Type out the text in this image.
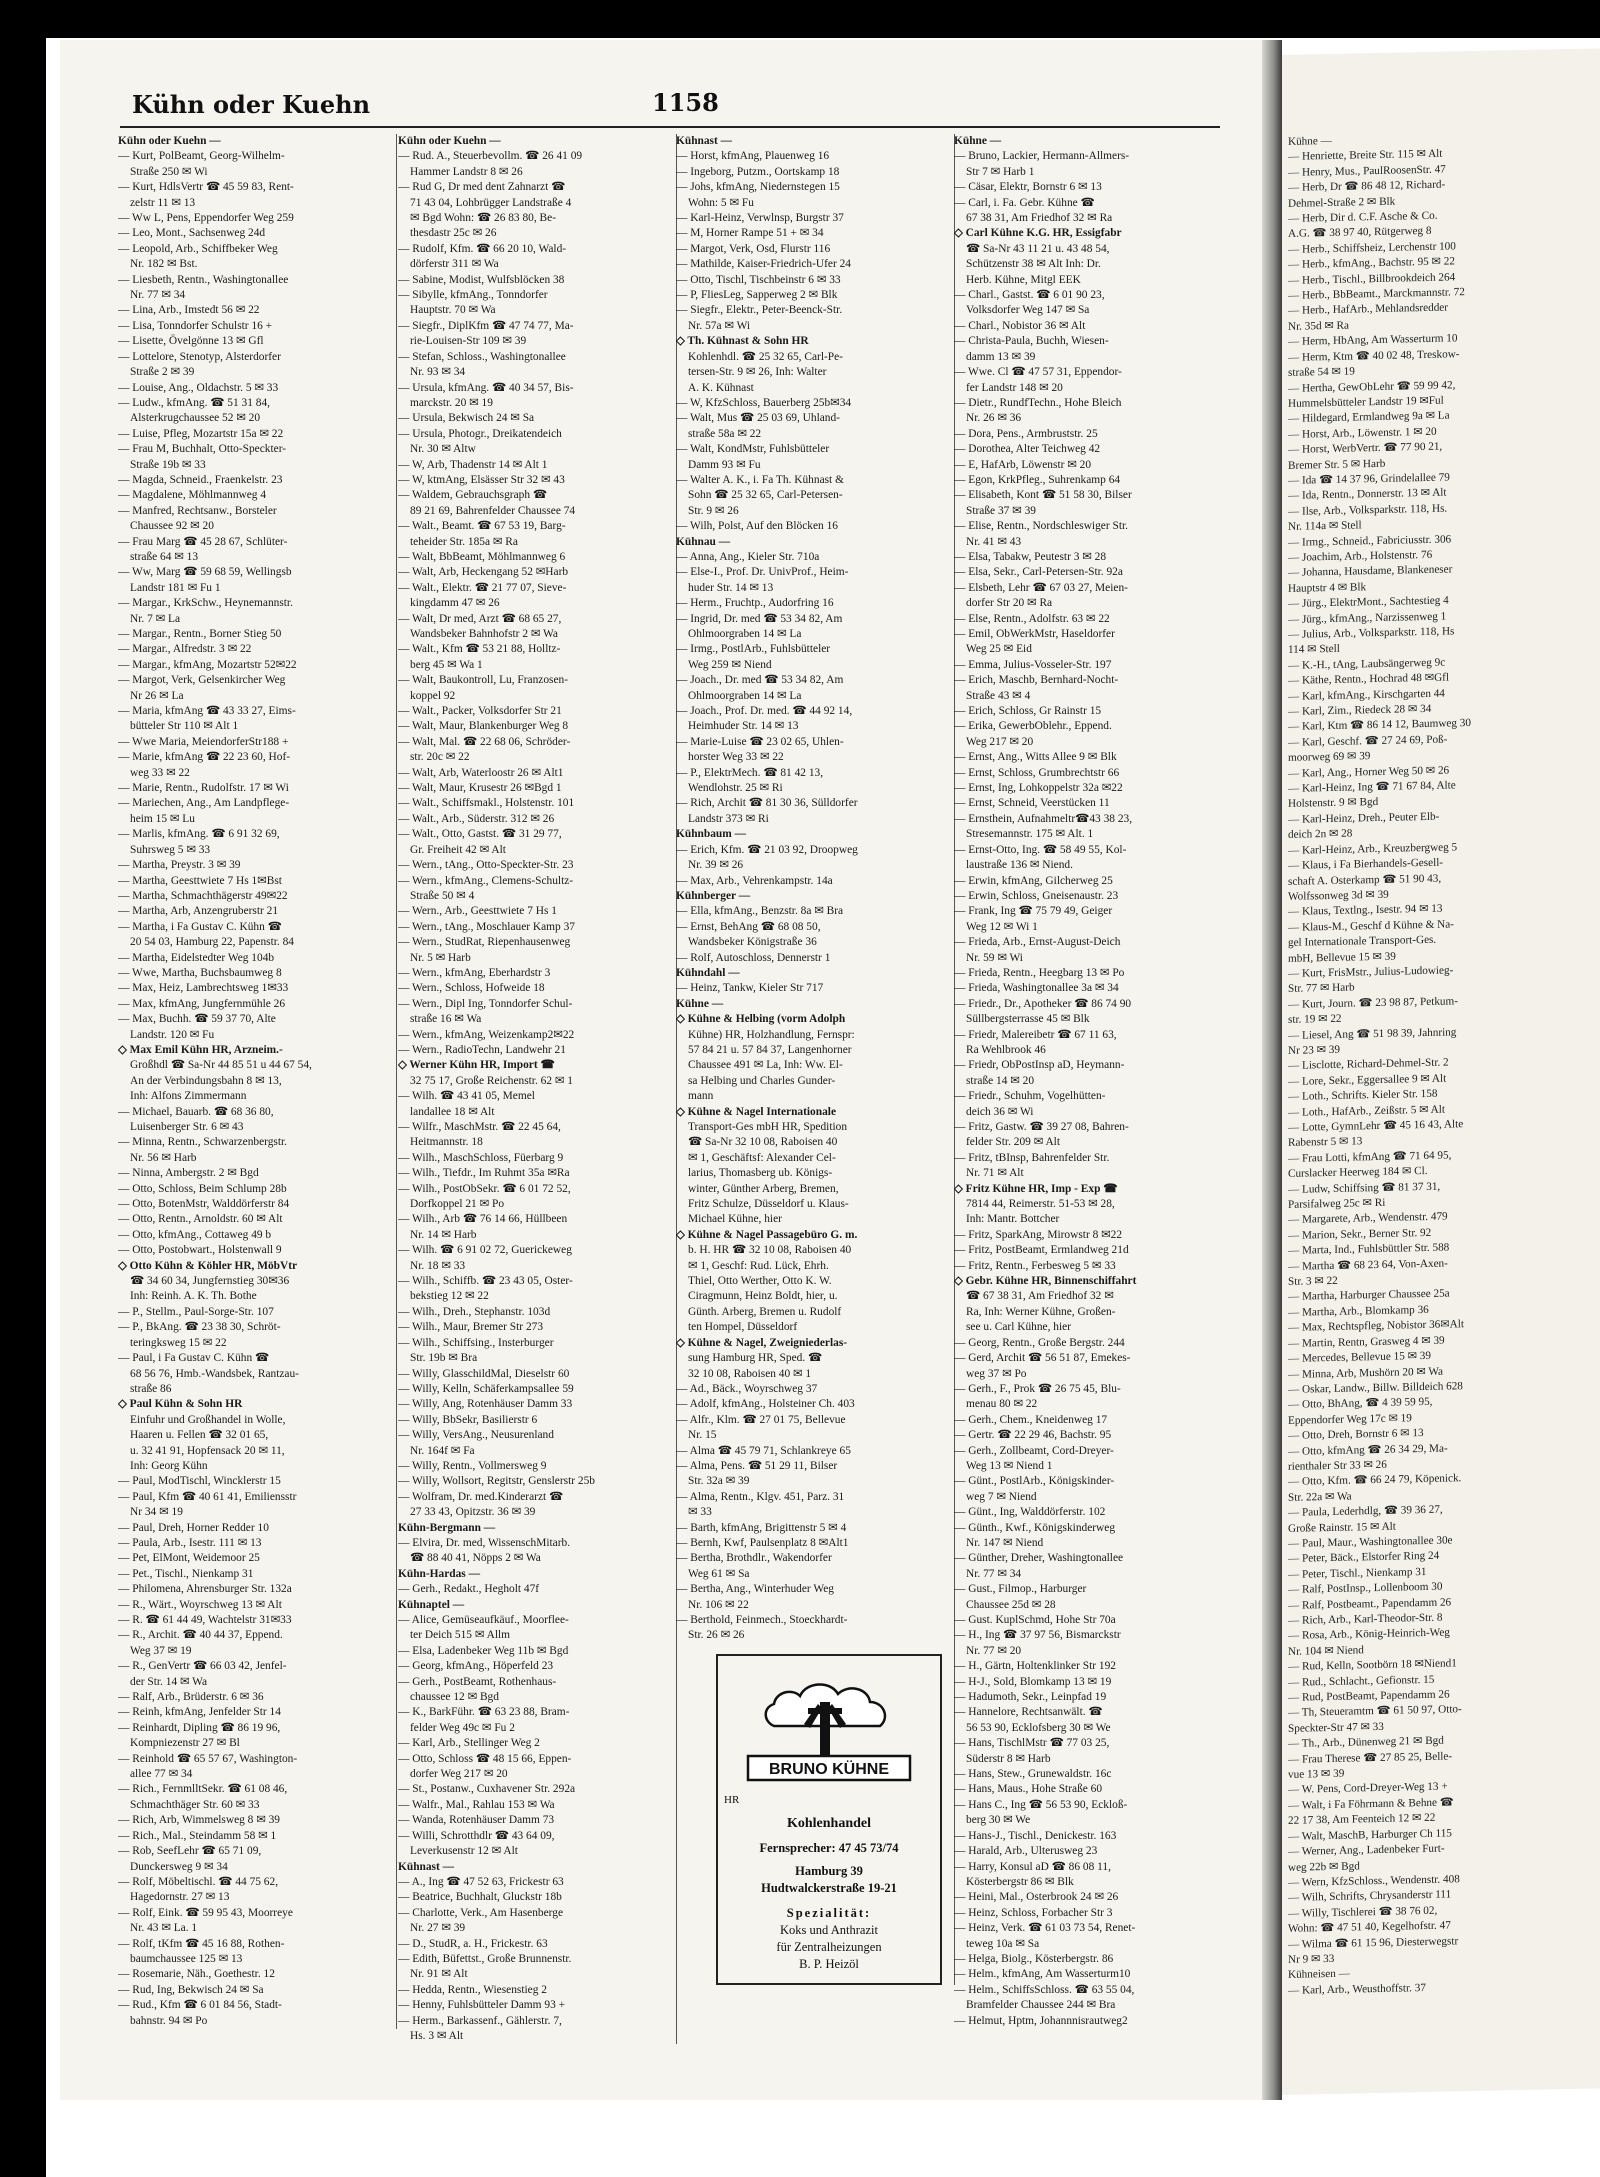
Kühne —

— Henriette, Breite Str. 115 ✉ Alt

— Henry, Mus., PaulRoosenStr. 47

— Herb, Dr ☎ 86 48 12, Richard-

Dehmel-Straße 2 ✉ Blk

— Herb, Dir d. C.F. Asche & Co.

A.G. ☎ 38 97 40, Rütgerweg 8

— Herb., Schiffsheiz, Lerchenstr 100

— Herb., kfmAng., Bachstr. 95 ✉ 22

— Herb., Tischl., Billbrookdeich 264

— Herb., BbBeamt., Marckmannstr. 72

— Herb., HafArb., Mehlandsredder

Nr. 35d ✉ Ra

— Herm, HbAng, Am Wasserturm 10

— Herm, Ktm ☎ 40 02 48, Treskow-

straße 54 ✉ 19

— Hertha, GewObLehr ☎ 59 99 42,

Hummelsbütteler Landstr 19 ✉Ful

— Hildegard, Ermlandweg 9a ✉ La

— Horst, Arb., Löwenstr. 1 ✉ 20

— Horst, WerbVertr. ☎ 77 90 21,

Bremer Str. 5 ✉ Harb

— Ida ☎ 14 37 96, Grindelallee 79

— Ida, Rentn., Donnerstr. 13 ✉ Alt

— Ilse, Arb., Volksparkstr. 118, Hs.

Nr. 114a ✉ Stell

— Irmg., Schneid., Fabriciusstr. 306

— Joachim, Arb., Holstenstr. 76

— Johanna, Hausdame, Blankeneser

Hauptstr 4 ✉ Blk

— Jürg., ElektrMont., Sachtestieg 4

— Jürg., kfmAng., Narzissenweg 1

— Julius, Arb., Volksparkstr. 118, Hs

114 ✉ Stell

— K.-H., tAng, Laubsängerweg 9c

— Käthe, Rentn., Hochrad 48 ✉Gfl

— Karl, kfmAng., Kirschgarten 44

— Karl, Zim., Riedeck 28 ✉ 34

— Karl, Ktm ☎ 86 14 12, Baumweg 30

— Karl, Geschf. ☎ 27 24 69, Poß-

moorweg 69 ✉ 39

— Karl, Ang., Horner Weg 50 ✉ 26

— Karl-Heinz, Ing ☎ 71 67 84, Alte

Holstenstr. 9 ✉ Bgd

— Karl-Heinz, Dreh., Peuter Elb-

deich 2n ✉ 28

— Karl-Heinz, Arb., Kreuzbergweg 5

— Klaus, i Fa Bierhandels-Gesell-

schaft A. Osterkamp ☎ 51 90 43,

Wolfssonweg 3d ✉ 39

— Klaus, Textlng., Isestr. 94 ✉ 13

— Klaus-M., Geschf d Kühne & Na-

gel Internationale Transport-Ges.

mbH, Bellevue 15 ✉ 39

— Kurt, FrisMstr., Julius-Ludowieg-

Str. 77 ✉ Harb

— Kurt, Journ. ☎ 23 98 87, Petkum-

str. 19 ✉ 22

— Liesel, Ang ☎ 51 98 39, Jahnring

Nr 23 ✉ 39

— Lisclotte, Richard-Dehmel-Str. 2

— Lore, Sekr., Eggersallee 9 ✉ Alt

— Loth., Schrifts. Kieler Str. 158

— Loth., HafArb., Zeißstr. 5 ✉ Alt

— Lotte, GymnLehr ☎ 45 16 43, Alte

Rabenstr 5 ✉ 13

— Frau Lotti, kfmAng ☎ 71 64 95,

Curslacker Heerweg 184 ✉ Cl.

— Ludw, Schiffsing ☎ 81 37 31,

Parsifalweg 25c ✉ Ri

— Margarete, Arb., Wendenstr. 479

— Marion, Sekr., Berner Str. 92

— Marta, Ind., Fuhlsbüttler Str. 588

— Martha ☎ 68 23 64, Von-Axen-

Str. 3 ✉ 22

— Martha, Harburger Chaussee 25a

— Martha, Arb., Blomkamp 36

— Max, Rechtspfleg, Nobistor 36✉Alt

— Martin, Rentn, Grasweg 4 ✉ 39

— Mercedes, Bellevue 15 ✉ 39

— Minna, Arb, Mushörn 20 ✉ Wa

— Oskar, Landw., Billw. Billdeich 628

— Otto, BhAng, ☎ 4 39 59 95,

Eppendorfer Weg 17c ✉ 19

— Otto, Dreh, Bornstr 6 ✉ 13

— Otto, kfmAng ☎ 26 34 29, Ma-

rienthaler Str 33 ✉ 26

— Otto, Kfm. ☎ 66 24 79, Köpenick.

Str. 22a ✉ Wa

— Paula, Lederhdlg, ☎ 39 36 27,

Große Rainstr. 15 ✉ Alt

— Paul, Maur., Washingtonallee 30e

— Peter, Bäck., Elstorfer Ring 24

— Peter, Tischl., Nienkamp 31

— Ralf, PostInsp., Lollenboom 30

— Ralf, Postbeamt., Papendamm 26

— Rich, Arb., Karl-Theodor-Str. 8

— Rosa, Arb., König-Heinrich-Weg

Nr. 104 ✉ Niend

— Rud, Kelln, Sootbörn 18 ✉Niend1

— Rud., Schlacht., Gefionstr. 15

— Rud, PostBeamt, Papendamm 26

— Th, Steueramtm ☎ 61 50 97, Otto-

Speckter-Str 47 ✉ 33

— Th., Arb., Dünenweg 21 ✉ Bgd

— Frau Therese ☎ 27 85 25, Belle-

vue 13 ✉ 39

— W. Pens, Cord-Dreyer-Weg 13 +

— Walt, i Fa Föhrmann & Behne ☎

22 17 38, Am Feenteich 12 ✉ 22

— Walt, MaschB, Harburger Ch 115

— Werner, Ang., Ladenbeker Furt-

weg 22b ✉ Bgd

— Wern, KfzSchloss., Wendenstr. 408

— Wilh, Schrifts, Chrysanderstr 111

— Willy, Tischlerei ☎ 38 76 02,

Wohn: ☎ 47 51 40, Kegelhofstr. 47

— Wilma ☎ 61 15 96, Diesterwegstr

Nr 9 ✉ 33

Kühneisen —

— Karl, Arb., Weusthoffstr. 37

Kühn oder Kuehn	1158

Kühn oder Kuehn —

— Kurt, PolBeamt, Georg-Wilhelm-

Straße 250 ✉ Wi

— Kurt, HdlsVertr ☎ 45 59 83, Rent-

zelstr 11 ✉ 13

— Ww L, Pens, Eppendorfer Weg 259

— Leo, Mont., Sachsenweg 24d

— Leopold, Arb., Schiffbeker Weg

Nr. 182 ✉ Bst.

— Liesbeth, Rentn., Washingtonallee

Nr. 77 ✉ 34

— Lina, Arb., Imstedt 56 ✉ 22

— Lisa, Tonndorfer Schulstr 16 +

— Lisette, Övelgönne 13 ✉ Gfl

— Lottelore, Stenotyp, Alsterdorfer

Straße 2 ✉ 39

— Louise, Ang., Oldachstr. 5 ✉ 33

— Ludw., kfmAng. ☎ 51 31 84,

Alsterkrugchaussee 52 ✉ 20

— Luise, Pfleg, Mozartstr 15a ✉ 22

— Frau M, Buchhalt, Otto-Speckter-

Straße 19b ✉ 33

— Magda, Schneid., Fraenkelstr. 23

— Magdalene, Möhlmannweg 4

— Manfred, Rechtsanw., Borsteler

Chaussee 92 ✉ 20

— Frau Marg ☎ 45 28 67, Schlüter-

straße 64 ✉ 13

— Ww, Marg ☎ 59 68 59, Wellingsb

Landstr 181 ✉ Fu 1

— Margar., KrkSchw., Heynemannstr.

Nr. 7 ✉ La

— Margar., Rentn., Borner Stieg 50

— Margar., Alfredstr. 3 ✉ 22

— Margar., kfmAng, Mozartstr 52✉22

— Margot, Verk, Gelsenkircher Weg

Nr 26 ✉ La

— Maria, kfmAng ☎ 43 33 27, Eims-

bütteler Str 110 ✉ Alt 1

— Wwe Maria, MeiendorferStr188 +

— Marie, kfmAng ☎ 22 23 60, Hof-

weg 33 ✉ 22

— Marie, Rentn., Rudolfstr. 17 ✉ Wi

— Mariechen, Ang., Am Landpflege-

heim 15 ✉ Lu

— Marlis, kfmAng. ☎ 6 91 32 69,

Suhrsweg 5 ✉ 33

— Martha, Preystr. 3 ✉ 39

— Martha, Geesttwiete 7 Hs 1✉Bst

— Martha, Schmachthägerstr 49✉22

— Martha, Arb, Anzengruberstr 21

— Martha, i Fa Gustav C. Kühn ☎

20 54 03, Hamburg 22, Papenstr. 84

— Martha, Eidelstedter Weg 104b

— Wwe, Martha, Buchsbaumweg 8

— Max, Heiz, Lambrechtsweg 1✉33

— Max, kfmAng, Jungfernmühle 26

— Max, Buchh. ☎ 59 37 70, Alte

Landstr. 120 ✉ Fu

◇ Max Emil Kühn HR, Arzneim.-

Großhdl ☎ Sa-Nr 44 85 51 u 44 67 54,

An der Verbindungsbahn 8 ✉ 13,

Inh: Alfons Zimmermann

— Michael, Bauarb. ☎ 68 36 80,

Luisenberger Str. 6 ✉ 43

— Minna, Rentn., Schwarzenbergstr.

Nr. 56 ✉ Harb

— Ninna, Ambergstr. 2 ✉ Bgd

— Otto, Schloss, Beim Schlump 28b

— Otto, BotenMstr, Walddörferstr 84

— Otto, Rentn., Arnoldstr. 60 ✉ Alt

— Otto, kfmAng., Cottaweg 49 b

— Otto, Postobwart., Holstenwall 9

◇ Otto Kühn & Köhler HR, MöbVtr

☎ 34 60 34, Jungfernstieg 30✉36

Inh: Reinh. A. K. Th. Bothe

— P., Stellm., Paul-Sorge-Str. 107

— P., BkAng. ☎ 23 38 30, Schröt-

teringksweg 15 ✉ 22

— Paul, i Fa Gustav C. Kühn ☎

68 56 76, Hmb.-Wandsbek, Rantzau-

straße 86

◇ Paul Kühn & Sohn HR

Einfuhr und Großhandel in Wolle,

Haaren u. Fellen ☎ 32 01 65,

u. 32 41 91, Hopfensack 20 ✉ 11,

Inh: Georg Kühn

— Paul, ModTischl, Wincklerstr 15

— Paul, Kfm ☎ 40 61 41, Emiliensstr

Nr 34 ✉ 19

— Paul, Dreh, Horner Redder 10

— Paula, Arb., Isestr. 111 ✉ 13

— Pet, ElMont, Weidemoor 25

— Pet., Tischl., Nienkamp 31

— Philomena, Ahrensburger Str. 132a

— R., Wärt., Woyrschweg 13 ✉ Alt

— R. ☎ 61 44 49, Wachtelstr 31✉33

— R., Archit. ☎ 40 44 37, Eppend.

Weg 37 ✉ 19

— R., GenVertr ☎ 66 03 42, Jenfel-

der Str. 14 ✉ Wa

— Ralf, Arb., Brüderstr. 6 ✉ 36

— Reinh, kfmAng, Jenfelder Str 14

— Reinhardt, Dipling ☎ 86 19 96,

Kompniezenstr 27 ✉ Bl

— Reinhold ☎ 65 57 67, Washington-

allee 77 ✉ 34

— Rich., FernmlltSekr. ☎ 61 08 46,

Schmachthäger Str. 60 ✉ 33

— Rich, Arb, Wimmelsweg 8 ✉ 39

— Rich., Mal., Steindamm 58 ✉ 1

— Rob, SeefLehr ☎ 65 71 09,

Dunckersweg 9 ✉ 34

— Rolf, Möbeltischl. ☎ 44 75 62,

Hagedornstr. 27 ✉ 13

— Rolf, Eink. ☎ 59 95 43, Moorreye

Nr. 43 ✉ La. 1

— Rolf, tKfm ☎ 45 16 88, Rothen-

baumchaussee 125 ✉ 13

— Rosemarie, Näh., Goethestr. 12

— Rud, Ing, Bekwisch 24 ✉ Sa

— Rud., Kfm ☎ 6 01 84 56, Stadt-

bahnstr. 94 ✉ Po

Kühn oder Kuehn —

— Rud. A., Steuerbevollm. ☎ 26 41 09

Hammer Landstr 8 ✉ 26

— Rud G, Dr med dent Zahnarzt ☎

71 43 04, Lohbrügger Landstraße 4

✉ Bgd Wohn: ☎ 26 83 80, Be-

thesdastr 25c ✉ 26

— Rudolf, Kfm. ☎ 66 20 10, Wald-

dörferstr 311 ✉ Wa

— Sabine, Modist, Wulfsblöcken 38

— Sibylle, kfmAng., Tonndorfer

Hauptstr. 70 ✉ Wa

— Siegfr., DiplKfm ☎ 47 74 77, Ma-

rie-Louisen-Str 109 ✉ 39

— Stefan, Schloss., Washingtonallee

Nr. 93 ✉ 34

— Ursula, kfmAng. ☎ 40 34 57, Bis-

marckstr. 20 ✉ 19

— Ursula, Bekwisch 24 ✉ Sa

— Ursula, Photogr., Dreikatendeich

Nr. 30 ✉ Altw

— W, Arb, Thadenstr 14 ✉ Alt 1

— W, ktmAng, Elsässer Str 32 ✉ 43

— Waldem, Gebrauchsgraph ☎

89 21 69, Bahrenfelder Chaussee 74

— Walt., Beamt. ☎ 67 53 19, Barg-

teheider Str. 185a ✉ Ra

— Walt, BbBeamt, Möhlmannweg 6

— Walt, Arb, Heckengang 52 ✉Harb

— Walt., Elektr. ☎ 21 77 07, Sieve-

kingdamm 47 ✉ 26

— Walt, Dr med, Arzt ☎ 68 65 27,

Wandsbeker Bahnhofstr 2 ✉ Wa

— Walt., Kfm ☎ 53 21 88, Holltz-

berg 45 ✉ Wa 1

— Walt, Baukontroll, Lu, Franzosen-

koppel 92

— Walt., Packer, Volksdorfer Str 21

— Walt, Maur, Blankenburger Weg 8

— Walt, Mal. ☎ 22 68 06, Schröder-

str. 20c ✉ 22

— Walt, Arb, Waterloostr 26 ✉ Alt1

— Walt, Maur, Krusestr 26 ✉Bgd 1

— Walt., Schiffsmakl., Holstenstr. 101

— Walt., Arb., Süderstr. 312 ✉ 26

— Walt., Otto, Gastst. ☎ 31 29 77,

Gr. Freiheit 42 ✉ Alt

— Wern., tAng., Otto-Speckter-Str. 23

— Wern., kfmAng., Clemens-Schultz-

Straße 50 ✉ 4

— Wern., Arb., Geesttwiete 7 Hs 1

— Wern., tAng., Moschlauer Kamp 37

— Wern., StudRat, Riepenhausenweg

Nr. 5 ✉ Harb

— Wern., kfmAng, Eberhardstr 3

— Wern., Schloss, Hofweide 18

— Wern., Dipl Ing, Tonndorfer Schul-

straße 16 ✉ Wa

— Wern., kfmAng, Weizenkamp2✉22

— Wern., RadioTechn, Landwehr 21

◇ Werner Kühn HR, Import ☎

32 75 17, Große Reichenstr. 62 ✉ 1

— Wilh. ☎ 43 41 05, Memel

landallee 18 ✉ Alt

— Wilfr., MaschMstr. ☎ 22 45 64,

Heitmannstr. 18

— Wilh., MaschSchloss, Füerbarg 9

— Wilh., Tiefdr., Im Ruhmt 35a ✉Ra

— Wilh., PostObSekr. ☎ 6 01 72 52,

Dorfkoppel 21 ✉ Po

— Wilh., Arb ☎ 76 14 66, Hüllbeen

Nr. 14 ✉ Harb

— Wilh. ☎ 6 91 02 72, Guerickeweg

Nr. 18 ✉ 33

— Wilh., Schiffb. ☎ 23 43 05, Oster-

bekstieg 12 ✉ 22

— Wilh., Dreh., Stephanstr. 103d

— Wilh., Maur, Bremer Str 273

— Wilh., Schiffsing., Insterburger

Str. 19b ✉ Bra

— Willy, GlasschildMal, Dieselstr 60

— Willy, Kelln, Schäferkampsallee 59

— Willy, Ang, Rotenhäuser Damm 33

— Willy, BbSekr, Basilierstr 6

— Willy, VersAng., Neusurenland

Nr. 164f ✉ Fa

— Willy, Rentn., Vollmersweg 9

— Willy, Wollsort, Regitstr, Genslerstr 25b

— Wolfram, Dr. med.Kinderarzt ☎

27 33 43, Opitzstr. 36 ✉ 39

Kühn-Bergmann —

— Elvira, Dr. med, WissenschMitarb.

☎ 88 40 41, Nöpps 2 ✉ Wa

Kühn-Hardas —

— Gerh., Redakt., Hegholt 47f

Kühnaptel —

— Alice, Gemüseaufkäuf., Moorflee-

ter Deich 515 ✉ Allm

— Elsa, Ladenbeker Weg 11b ✉ Bgd

— Georg, kfmAng., Höperfeld 23

— Gerh., PostBeamt, Rothenhaus-

chaussee 12 ✉ Bgd

— K., BarkFühr. ☎ 63 23 88, Bram-

felder Weg 49c ✉ Fu 2

— Karl, Arb., Stellinger Weg 2

— Otto, Schloss ☎ 48 15 66, Eppen-

dorfer Weg 217 ✉ 20

— St., Postanw., Cuxhavener Str. 292a

— Walfr., Mal., Rahlau 153 ✉ Wa

— Wanda, Rotenhäuser Damm 73

— Willi, Schrotthdlr ☎ 43 64 09,

Leverkusenstr 12 ✉ Alt

Kühnast —

— A., Ing ☎ 47 52 63, Frickestr 63

— Beatrice, Buchhalt, Gluckstr 18b

— Charlotte, Verk., Am Hasenberge

Nr. 27 ✉ 39

— D., StudR, a. H., Frickestr. 63

— Edith, Büfettst., Große Brunnenstr.

Nr. 91 ✉ Alt

— Hedda, Rentn., Wiesenstieg 2

— Henny, Fuhlsbütteler Damm 93 +

— Herm., Barkassenf., Gählerstr. 7,

Hs. 3 ✉ Alt

Kühnast —

— Horst, kfmAng, Plauenweg 16

— Ingeborg, Putzm., Oortskamp 18

— Johs, kfmAng, Niedernstegen 15

Wohn: 5 ✉ Fu

— Karl-Heinz, Verwlnsp, Burgstr 37

— M, Horner Rampe 51 + ✉ 34

— Margot, Verk, Osd, Flurstr 116

— Mathilde, Kaiser-Friedrich-Ufer 24

— Otto, Tischl, Tischbeinstr 6 ✉ 33

— P, FliesLeg, Sapperweg 2 ✉ Blk

— Siegfr., Elektr., Peter-Beenck-Str.

Nr. 57a ✉ Wi

◇ Th. Kühnast & Sohn HR

Kohlenhdl. ☎ 25 32 65, Carl-Pe-

tersen-Str. 9 ✉ 26, Inh: Walter

A. K. Kühnast

— W, KfzSchloss, Bauerberg 25b✉34

— Walt, Mus ☎ 25 03 69, Uhland-

straße 58a ✉ 22

— Walt, KondMstr, Fuhlsbütteler

Damm 93 ✉ Fu

— Walter A. K., i. Fa Th. Kühnast &

Sohn ☎ 25 32 65, Carl-Petersen-

Str. 9 ✉ 26

— Wilh, Polst, Auf den Blöcken 16

Kühnau —

— Anna, Ang., Kieler Str. 710a

— Else-I., Prof. Dr. UnivProf., Heim-

huder Str. 14 ✉ 13

— Herm., Fruchtp., Audorfring 16

— Ingrid, Dr. med ☎ 53 34 82, Am

Ohlmoorgraben 14 ✉ La

— Irmg., PostlArb., Fuhlsbütteler

Weg 259 ✉ Niend

— Joach., Dr. med ☎ 53 34 82, Am

Ohlmoorgraben 14 ✉ La

— Joach., Prof. Dr. med. ☎ 44 92 14,

Heimhuder Str. 14 ✉ 13

— Marie-Luise ☎ 23 02 65, Uhlen-

horster Weg 33 ✉ 22

— P., ElektrMech. ☎ 81 42 13,

Wendlohstr. 25 ✉ Ri

— Rich, Archit ☎ 81 30 36, Sülldorfer

Landstr 373 ✉ Ri

Kühnbaum —

— Erich, Kfm. ☎ 21 03 92, Droopweg

Nr. 39 ✉ 26

— Max, Arb., Vehrenkampstr. 14a

Kühnberger —

— Ella, kfmAng., Benzstr. 8a ✉ Bra

— Ernst, BehAng ☎ 68 08 50,

Wandsbeker Königstraße 36

— Rolf, Autoschloss, Dennerstr 1

Kühndahl —

— Heinz, Tankw, Kieler Str 717

Kühne —

◇ Kühne & Helbing (vorm Adolph

Kühne) HR, Holzhandlung, Fernspr:

57 84 21 u. 57 84 37, Langenhorner

Chaussee 491 ✉ La, Inh: Ww. El-

sa Helbing und Charles Gunder-

mann

◇ Kühne & Nagel Internationale

Transport-Ges mbH HR, Spedition

☎ Sa-Nr 32 10 08, Raboisen 40

✉ 1, Geschäftsf: Alexander Cel-

larius, Thomasberg ub. Königs-

winter, Günther Arberg, Bremen,

Fritz Schulze, Düsseldorf u. Klaus-

Michael Kühne, hier

◇ Kühne & Nagel Passagebüro G. m.

b. H. HR ☎ 32 10 08, Raboisen 40

✉ 1, Geschf: Rud. Lück, Ehrh.

Thiel, Otto Werther, Otto K. W.

Ciragmunn, Heinz Boldt, hier, u.

Günth. Arberg, Bremen u. Rudolf

ten Hompel, Düsseldorf

◇ Kühne & Nagel, Zweigniederlas-

sung Hamburg HR, Sped. ☎

32 10 08, Raboisen 40 ✉ 1

— Ad., Bäck., Woyrschweg 37

— Adolf, kfmAng., Holsteiner Ch. 403

— Alfr., Klm. ☎ 27 01 75, Bellevue

Nr. 15

— Alma ☎ 45 79 71, Schlankreye 65

— Alma, Pens. ☎ 51 29 11, Bilser

Str. 32a ✉ 39

— Alma, Rentn., Klgv. 451, Parz. 31

✉ 33

— Barth, kfmAng, Brigittenstr 5 ✉ 4

— Bernh, Kwf, Paulsenplatz 8 ✉Alt1

— Bertha, Brothdlr., Wakendorfer

Weg 61 ✉ Sa

— Bertha, Ang., Winterhuder Weg

Nr. 106 ✉ 22

— Berthold, Feinmech., Stoeckhardt-

Str. 26 ✉ 26

BRUNO KÜHNE
HR
Kohlenhandel
Fernsprecher: 47 45 73/74
Hamburg 39
Hudtwalckerstraße 19-21
Spezialität:
Koks und Anthrazit
für Zentralheizungen
B. P. Heizöl

Kühne —

— Bruno, Lackier, Hermann-Allmers-

Str 7 ✉ Harb 1

— Cäsar, Elektr, Bornstr 6 ✉ 13

— Carl, i. Fa. Gebr. Kühne ☎

67 38 31, Am Friedhof 32 ✉ Ra

◇ Carl Kühne K.G. HR, Essigfabr

☎ Sa-Nr 43 11 21 u. 43 48 54,

Schützenstr 38 ✉ Alt Inh: Dr.

Herb. Kühne, Mitgl EEK

— Charl., Gastst. ☎ 6 01 90 23,

Volksdorfer Weg 147 ✉ Sa

— Charl., Nobistor 36 ✉ Alt

— Christa-Paula, Buchh, Wiesen-

damm 13 ✉ 39

— Wwe. Cl ☎ 47 57 31, Eppendor-

fer Landstr 148 ✉ 20

— Dietr., RundfTechn., Hohe Bleich

Nr. 26 ✉ 36

— Dora, Pens., Armbruststr. 25

— Dorothea, Alter Teichweg 42

— E, HafArb, Löwenstr ✉ 20

— Egon, KrkPfleg., Suhrenkamp 64

— Elisabeth, Kont ☎ 51 58 30, Bilser

Straße 37 ✉ 39

— Elise, Rentn., Nordschleswiger Str.

Nr. 41 ✉ 43

— Elsa, Tabakw, Peutestr 3 ✉ 28

— Elsa, Sekr., Carl-Petersen-Str. 92a

— Elsbeth, Lehr ☎ 67 03 27, Meien-

dorfer Str 20 ✉ Ra

— Else, Rentn., Adolfstr. 63 ✉ 22

— Emil, ObWerkMstr, Haseldorfer

Weg 25 ✉ Eid

— Emma, Julius-Vosseler-Str. 197

— Erich, Maschb, Bernhard-Nocht-

Straße 43 ✉ 4

— Erich, Schloss, Gr Rainstr 15

— Erika, GewerbOblehr., Eppend.

Weg 217 ✉ 20

— Ernst, Ang., Witts Allee 9 ✉ Blk

— Ernst, Schloss, Grumbrechtstr 66

— Ernst, Ing, Lohkoppelstr 32a ✉22

— Ernst, Schneid, Veerstücken 11

— Ernsthein, Aufnahmeltr☎43 38 23,

Stresemannstr. 175 ✉ Alt. 1

— Ernst-Otto, Ing. ☎ 58 49 55, Kol-

laustraße 136 ✉ Niend.

— Erwin, kfmAng, Gilcherweg 25

— Erwin, Schloss, Gneisenaustr. 23

— Frank, Ing ☎ 75 79 49, Geiger

Weg 12 ✉ Wi 1

— Frieda, Arb., Ernst-August-Deich

Nr. 59 ✉ Wi

— Frieda, Rentn., Heegbarg 13 ✉ Po

— Frieda, Washingtonallee 3a ✉ 34

— Friedr., Dr., Apotheker ☎ 86 74 90

Süllbergsterrasse 45 ✉ Blk

— Friedr, Malereibetr ☎ 67 11 63,

Ra Wehlbrook 46

— Friedr, ObPostInsp aD, Heymann-

straße 14 ✉ 20

— Friedr., Schuhm, Vogelhütten-

deich 36 ✉ Wi

— Fritz, Gastw. ☎ 39 27 08, Bahren-

felder Str. 209 ✉ Alt

— Fritz, tBInsp, Bahrenfelder Str.

Nr. 71 ✉ Alt

◇ Fritz Kühne HR, Imp - Exp ☎

7814 44, Reimerstr. 51-53 ✉ 28,

Inh: Mantr. Bottcher

— Fritz, SparkAng, Mirowstr 8 ✉22

— Fritz, PostBeamt, Ermlandweg 21d

— Fritz, Rentn., Ferbesweg 5 ✉ 33

◇ Gebr. Kühne HR, Binnenschiffahrt

☎ 67 38 31, Am Friedhof 32 ✉

Ra, Inh: Werner Kühne, Großen-

see u. Carl Kühne, hier

— Georg, Rentn., Große Bergstr. 244

— Gerd, Archit ☎ 56 51 87, Emekes-

weg 37 ✉ Po

— Gerh., F., Prok ☎ 26 75 45, Blu-

menau 80 ✉ 22

— Gerh., Chem., Kneidenweg 17

— Gertr. ☎ 22 29 46, Bachstr. 95

— Gerh., Zollbeamt, Cord-Dreyer-

Weg 13 ✉ Niend 1

— Günt., PostlArb., Königskinder-

weg 7 ✉ Niend

— Günt., Ing, Walddörferstr. 102

— Günth., Kwf., Königskinderweg

Nr. 147 ✉ Niend

— Günther, Dreher, Washingtonallee

Nr. 77 ✉ 34

— Gust., Filmop., Harburger

Chaussee 25d ✉ 28

— Gust. KuplSchmd, Hohe Str 70a

— H., Ing ☎ 37 97 56, Bismarckstr

Nr. 77 ✉ 20

— H., Gärtn, Holtenklinker Str 192

— H-J., Sold, Blomkamp 13 ✉ 19

— Hadumoth, Sekr., Leinpfad 19

— Hannelore, Rechtsanwält. ☎

56 53 90, Ecklofsberg 30 ✉ We

— Hans, TischlMstr ☎ 77 03 25,

Süderstr 8 ✉ Harb

— Hans, Stew., Grunewaldstr. 16c

— Hans, Maus., Hohe Straße 60

— Hans C., Ing ☎ 56 53 90, Eckloß-

berg 30 ✉ We

— Hans-J., Tischl., Denickestr. 163

— Harald, Arb., Ulterusweg 23

— Harry, Konsul aD ☎ 86 08 11,

Kösterbergstr 86 ✉ Blk

— Heini, Mal., Osterbrook 24 ✉ 26

— Heinz, Schloss, Forbacher Str 3

— Heinz, Verk. ☎ 61 03 73 54, Renet-

teweg 10a ✉ Sa

— Helga, Biolg., Kösterbergstr. 86

— Helm., kfmAng, Am Wasserturm10

— Helm., SchiffsSchloss. ☎ 63 55 04,

Bramfelder Chaussee 244 ✉ Bra

— Helmut, Hptm, Johannnisrautweg2
